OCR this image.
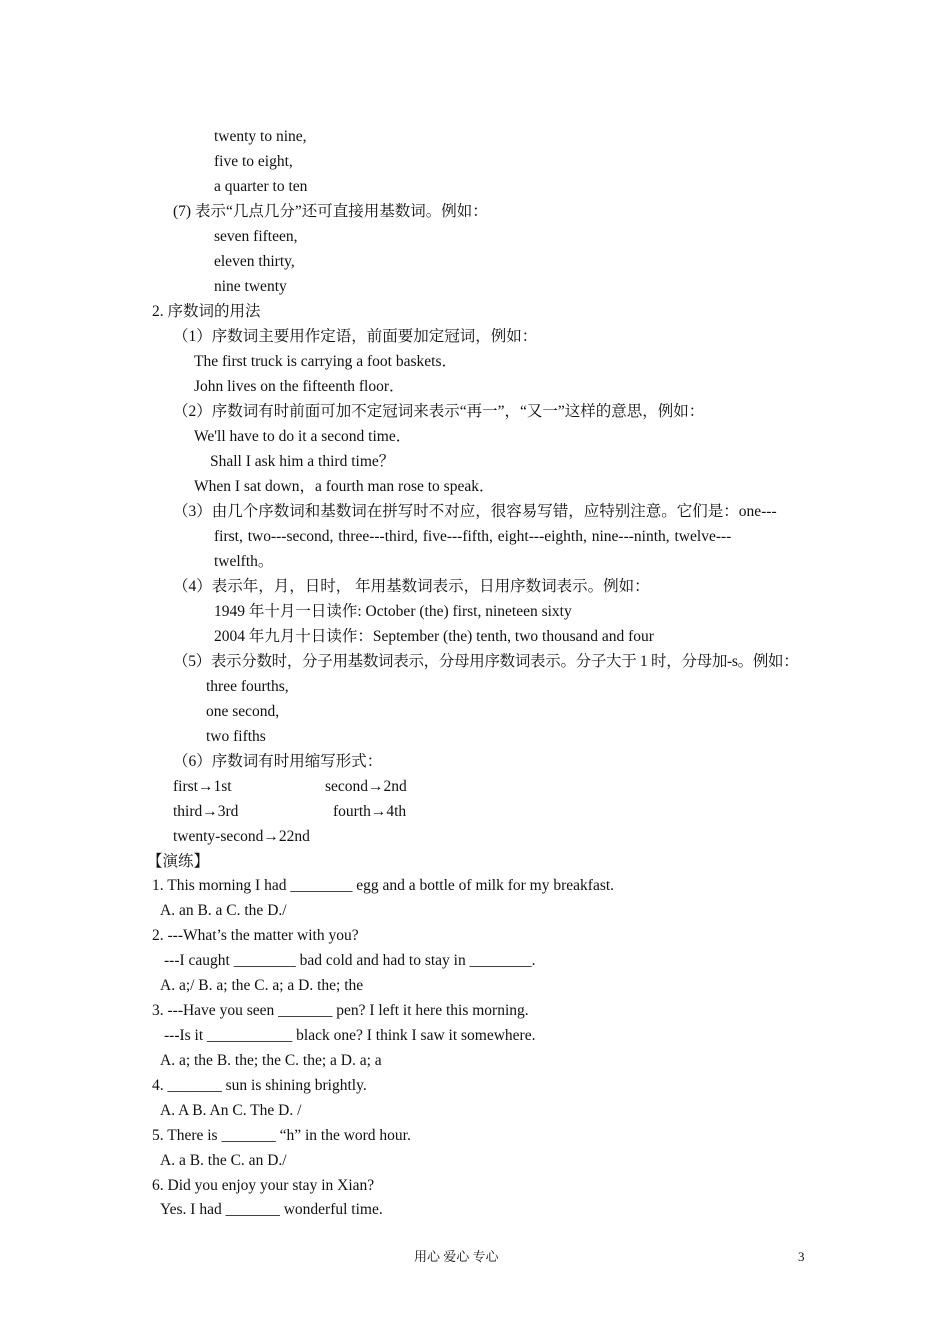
twenty to nine,
five to eight,
a quarter to ten
(7) 表示“几点几分”还可直接用基数词。例如：
seven fifteen,
eleven thirty,
nine twenty
2. 序数词的用法
（1）序数词主要用作定语，前面要加定冠词，例如：
The first truck is carrying a foot baskets．
John lives on the fifteenth floor．
（2）序数词有时前面可加不定冠词来表示“再一”，“又一”这样的意思，例如：
We'll have to do it a second time．
Shall I ask him a third time？
When I sat down，a fourth man rose to speak．
（3）由几个序数词和基数词在拼写时不对应，很容易写错，应特别注意。它们是：one---
first, two---second, three---third, five---fifth, eight---eighth, nine---ninth, twelve---
twelfth。
（4）表示年，月，日时， 年用基数词表示，日用序数词表示。例如：
1949 年十月一日读作: October (the) first, nineteen sixty
2004 年九月十日读作：September (the) tenth, two thousand and four
（5）表示分数时，分子用基数词表示，分母用序数词表示。分子大于 1 时，分母加-s。例如：
three fourths,
one second,
two fifths
（6）序数词有时用缩写形式：
first→1st	second→2nd
third→3rd	fourth→4th
twenty-second→22nd
【演练】
1. This morning I had ________ egg and a bottle of milk for my breakfast.
A. an B. a C. the D./
2. ---What’s the matter with you?
---I caught ________ bad cold and had to stay in ________.
A. a;/ B. a; the C. a; a D. the; the
3. ---Have you seen _______ pen? I left it here this morning.
---Is it ___________ black one? I think I saw it somewhere.
A. a; the B. the; the C. the; a D. a; a
4. _______ sun is shining brightly.
A. A B. An C. The D. /
5. There is _______ “h” in the word hour.
A. a B. the C. an D./
6. Did you enjoy your stay in Xian?
Yes. I had _______ wonderful time.
用心 爱心 专心	3
